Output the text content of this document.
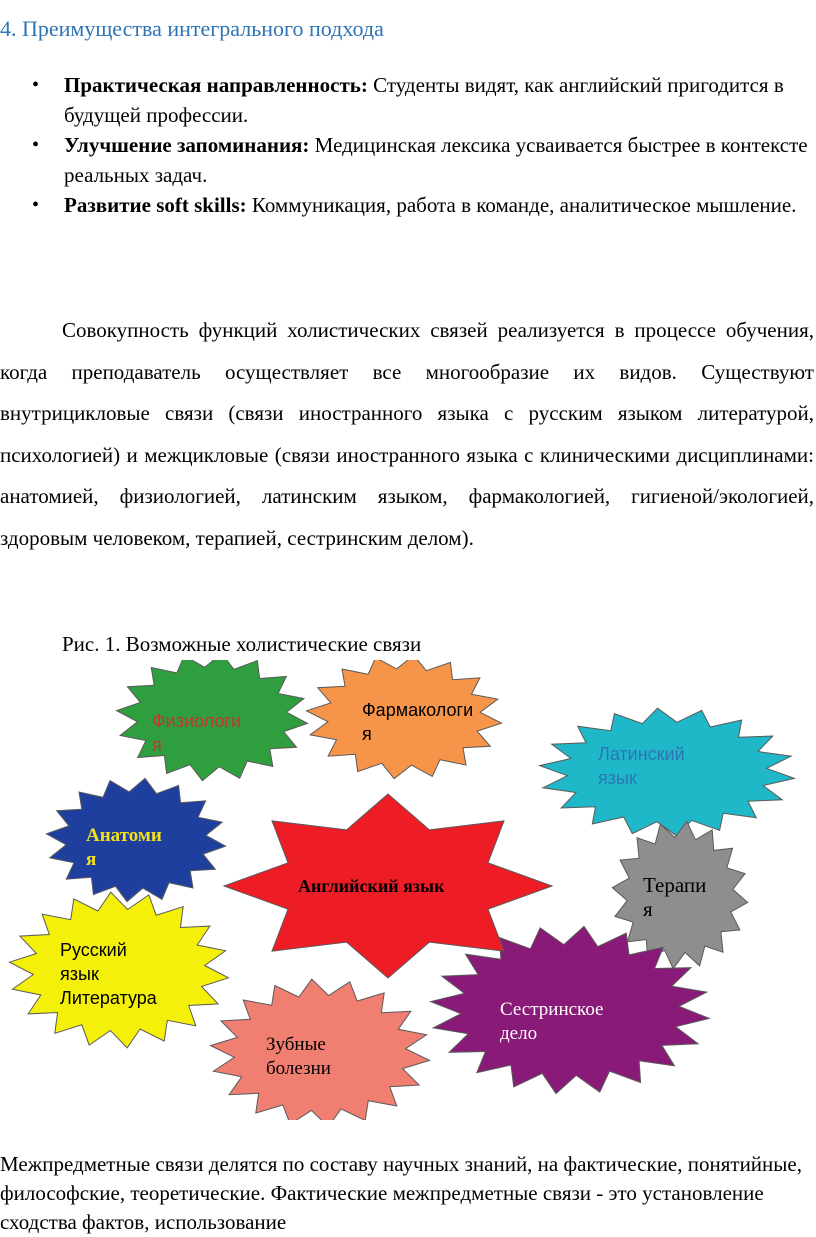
4. Преимущества интегрального подхода
• Практическая направленность: Студенты видят, как английский пригодится в будущей профессии.
• Улучшение запоминания: Медицинская лексика усваивается быстрее в контексте реальных задач.
• Развитие soft skills: Коммуникация, работа в команде, аналитическое мышление.

Совокупность функций холистических связей реализуется в процессе обучения, когда преподаватель осуществляет все многообразие их видов. Существуют внутрицикловые связи (связи иностранного языка с русским языком литературой, психологией) и межцикловые (связи иностранного языка с клиническими дисциплинами: анатомией, физиологией, латинским языком, фармакологией, гигиеной/экологией, здоровым человеком, терапией, сестринским делом).

Рис. 1. Возможные холистические связи
Физиологи я
Фармакологи я
Латинский язык
Анатоми я
Терапи я
Русский язык Литература
Сестринское дело
Зубные болезни
Английский язык

Межпредметные связи делятся по составу научных знаний, на фактические, понятийные, философские, теоретические. Фактические межпредметные связи - это установление сходства фактов, использование
